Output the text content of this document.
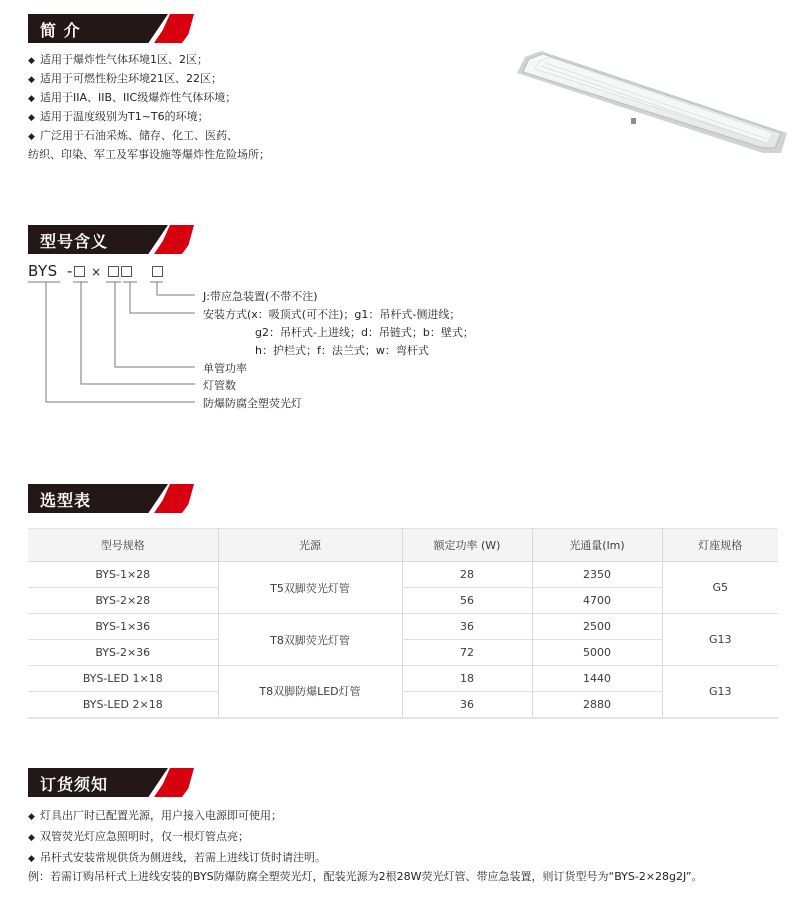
简 介
◆ 适用于爆炸性气体环境1区、2区；
◆ 适用于可燃性粉尘环境21区、22区；
◆ 适用于IIA、IIB、IIC级爆炸性气体环境；
◆ 适用于温度级别为T1~T6的环境；
◆ 广泛用于石油采炼、储存、化工、医药、
纺织、印染、军工及军事设施等爆炸性危险场所；
型号含义
BYS - ×
J:带应急装置(不带不注)
安装方式(x：吸顶式(可不注)；g1：吊杆式-侧进线；
g2：吊杆式-上进线；d：吊链式；b：壁式；
h：护栏式；f：法兰式；w：弯杆式
单管功率
灯管数
防爆防腐全塑荧光灯
选型表
型号规格	光源	额定功率 (W)	光通量(lm)	灯座规格
BYS-1×28	T5双脚荧光灯管	28	2350	G5
BYS-2×28		56	4700	
BYS-1×36	T8双脚荧光灯管	36	2500	G13
BYS-2×36		72	5000	
BYS-LED 1×18	T8双脚防爆LED灯管	18	1440	G13
BYS-LED 2×18		36	2880	
订货须知
◆ 灯具出厂时已配置光源，用户接入电源即可使用；
◆ 双管荧光灯应急照明时，仅一根灯管点亮；
◆ 吊杆式安装常规供货为侧进线，若需上进线订货时请注明。
例：若需订购吊杆式上进线安装的BYS防爆防腐全塑荧光灯，配装光源为2根28W荧光灯管、带应急装置，则订货型号为“BYS-2×28g2J”。
